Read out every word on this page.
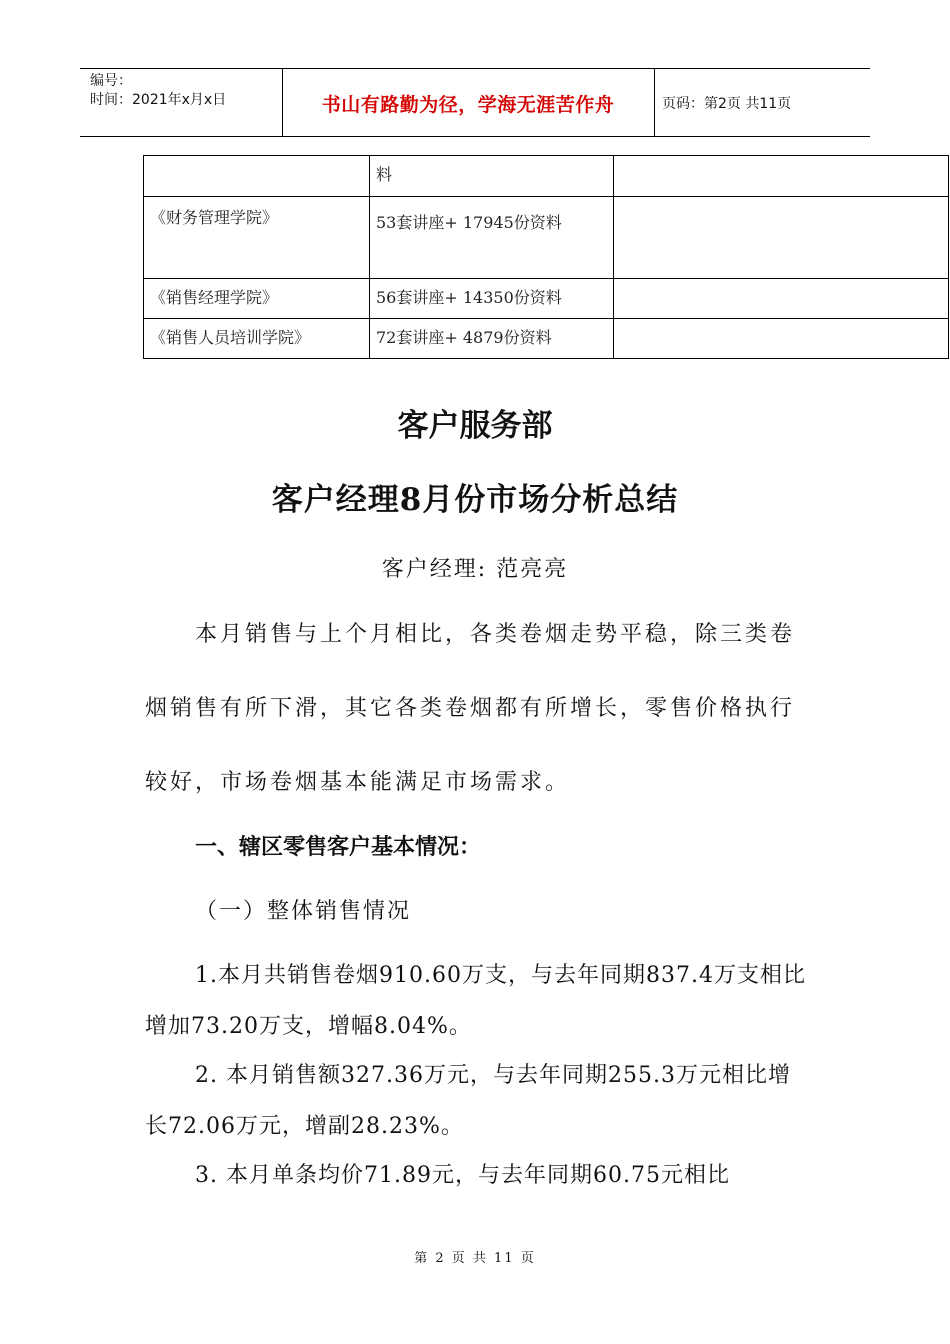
编号：
时间：2021年x月x日	书山有路勤为径，学海无涯苦作舟	页码：第2页 共11页
	料	
《财务管理学院》	53套讲座+ 17945份资料	
《销售经理学院》	56套讲座+ 14350份资料	
《销售人员培训学院》	72套讲座+ 4879份资料	
客户服务部
客户经理8月份市场分析总结
客户经理: 范亮亮
本月销售与上个月相比，各类卷烟走势平稳，除三类卷烟销售有所下滑，其它各类卷烟都有所增长，零售价格执行较好，市场卷烟基本能满足市场需求。
一、辖区零售客户基本情况：
（一）整体销售情况
1.本月共销售卷烟910.60万支，与去年同期837.4万支相比增加73.20万支，增幅8.04%。
2. 本月销售额327.36万元，与去年同期255.3万元相比增长72.06万元，增副28.23%。
3. 本月单条均价71.89元，与去年同期60.75元相比
第 2 页 共 11 页
